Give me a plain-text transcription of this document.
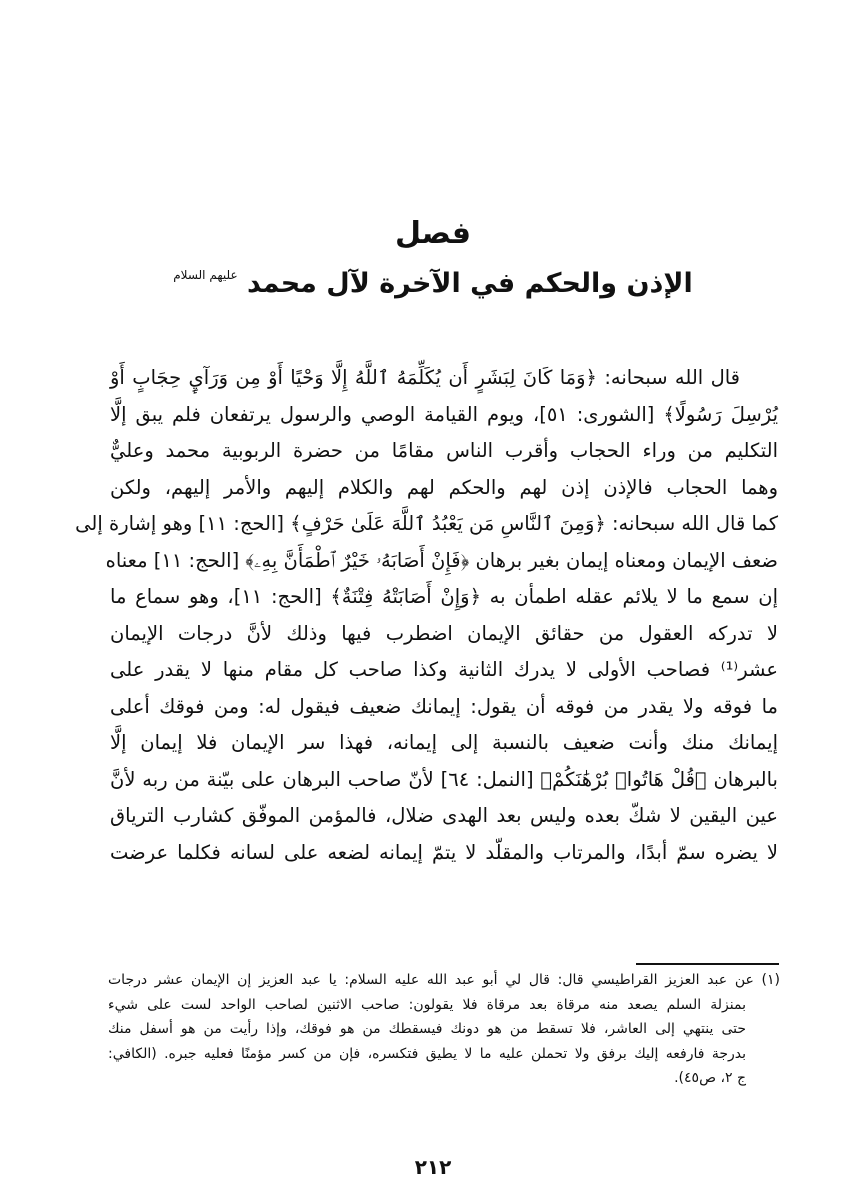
فصل
الإذن والحكم في الآخرة لآل محمد $^{عليهم السلام}$
قال الله سبحانه: ﴿وَمَا كَانَ لِبَشَرٍ أَن يُكَلِّمَهُ ٱللَّهُ إِلَّا وَحْيًا أَوْ مِن وَرَآيِٕ حِجَابٍ أَوْ
يُرْسِلَ رَسُولًا﴾ [الشورى: ٥١]، ويوم القيامة الوصي والرسول يرتفعان فلم يبق إلَّا
التكليم من وراء الحجاب وأقرب الناس مقامًا من حضرة الربوبية محمد وعليٌّ
وهما الحجاب فالإذن إذن لهم والحكم لهم والكلام إليهم والأمر إليهم، ولكن
كما قال الله سبحانه: ﴿وَمِنَ ٱلنَّاسِ مَن يَعْبُدُ ٱللَّهَ عَلَىٰ حَرْفٍ﴾ [الحج: ١١] وهو إشارة إلى
ضعف الإيمان ومعناه إيمان بغير برهان ﴿فَإِنْ أَصَابَهُۥ خَيْرٌ ٱطْمَأَنَّ بِهِۦ﴾ [الحج: ١١] معناه
إن سمع ما لا يلائم عقله اطمأن به ﴿وَإِنْ أَصَابَتْهُ فِتْنَةٌ﴾ [الحج: ١١]، وهو سماع ما
لا تدركه العقول من حقائق الإيمان اضطرب فيها وذلك لأنَّ درجات الإيمان
عشر⁽¹⁾ فصاحب الأولى لا يدرك الثانية وكذا صاحب كل مقام منها لا يقدر على
ما فوقه ولا يقدر من فوقه أن يقول: إيمانك ضعيف فيقول له: ومن فوقك أعلى
إيمانك منك وأنت ضعيف بالنسبة إلى إيمانه، فهذا سر الإيمان فلا إيمان إلَّا
بالبرهان ﴿قُلْ هَاتُوا۟ بُرْهَٰنَكُمْ﴾ [النمل: ٦٤] لأنّ صاحب البرهان على بيّنة من ربه لأنَّ
عين اليقين لا شكّ بعده وليس بعد الهدى ضلال، فالمؤمن الموفّق كشارب الترياق
لا يضره سمّ أبدًا، والمرتاب والمقلّد لا يتمّ إيمانه لضعه على لسانه فكلما عرضت
(١) عن عبد العزيز القراطيسي قال: قال لي أبو عبد الله عليه السلام: يا عبد العزيز إن الإيمان عشر درجات
بمنزلة السلم يصعد منه مرقاة بعد مرقاة فلا يقولون: صاحب الاثنين لصاحب الواحد لست على شيء
حتى ينتهي إلى العاشر، فلا تسقط من هو دونك فيسقطك من هو فوقك، وإذا رأيت من هو أسفل منك
بدرجة فارفعه إليك برفق ولا تحملن عليه ما لا يطيق فتكسره، فإن من كسر مؤمنًا فعليه جبره. (الكافي:
ج ٢، ص٤٥).
٢١٢
